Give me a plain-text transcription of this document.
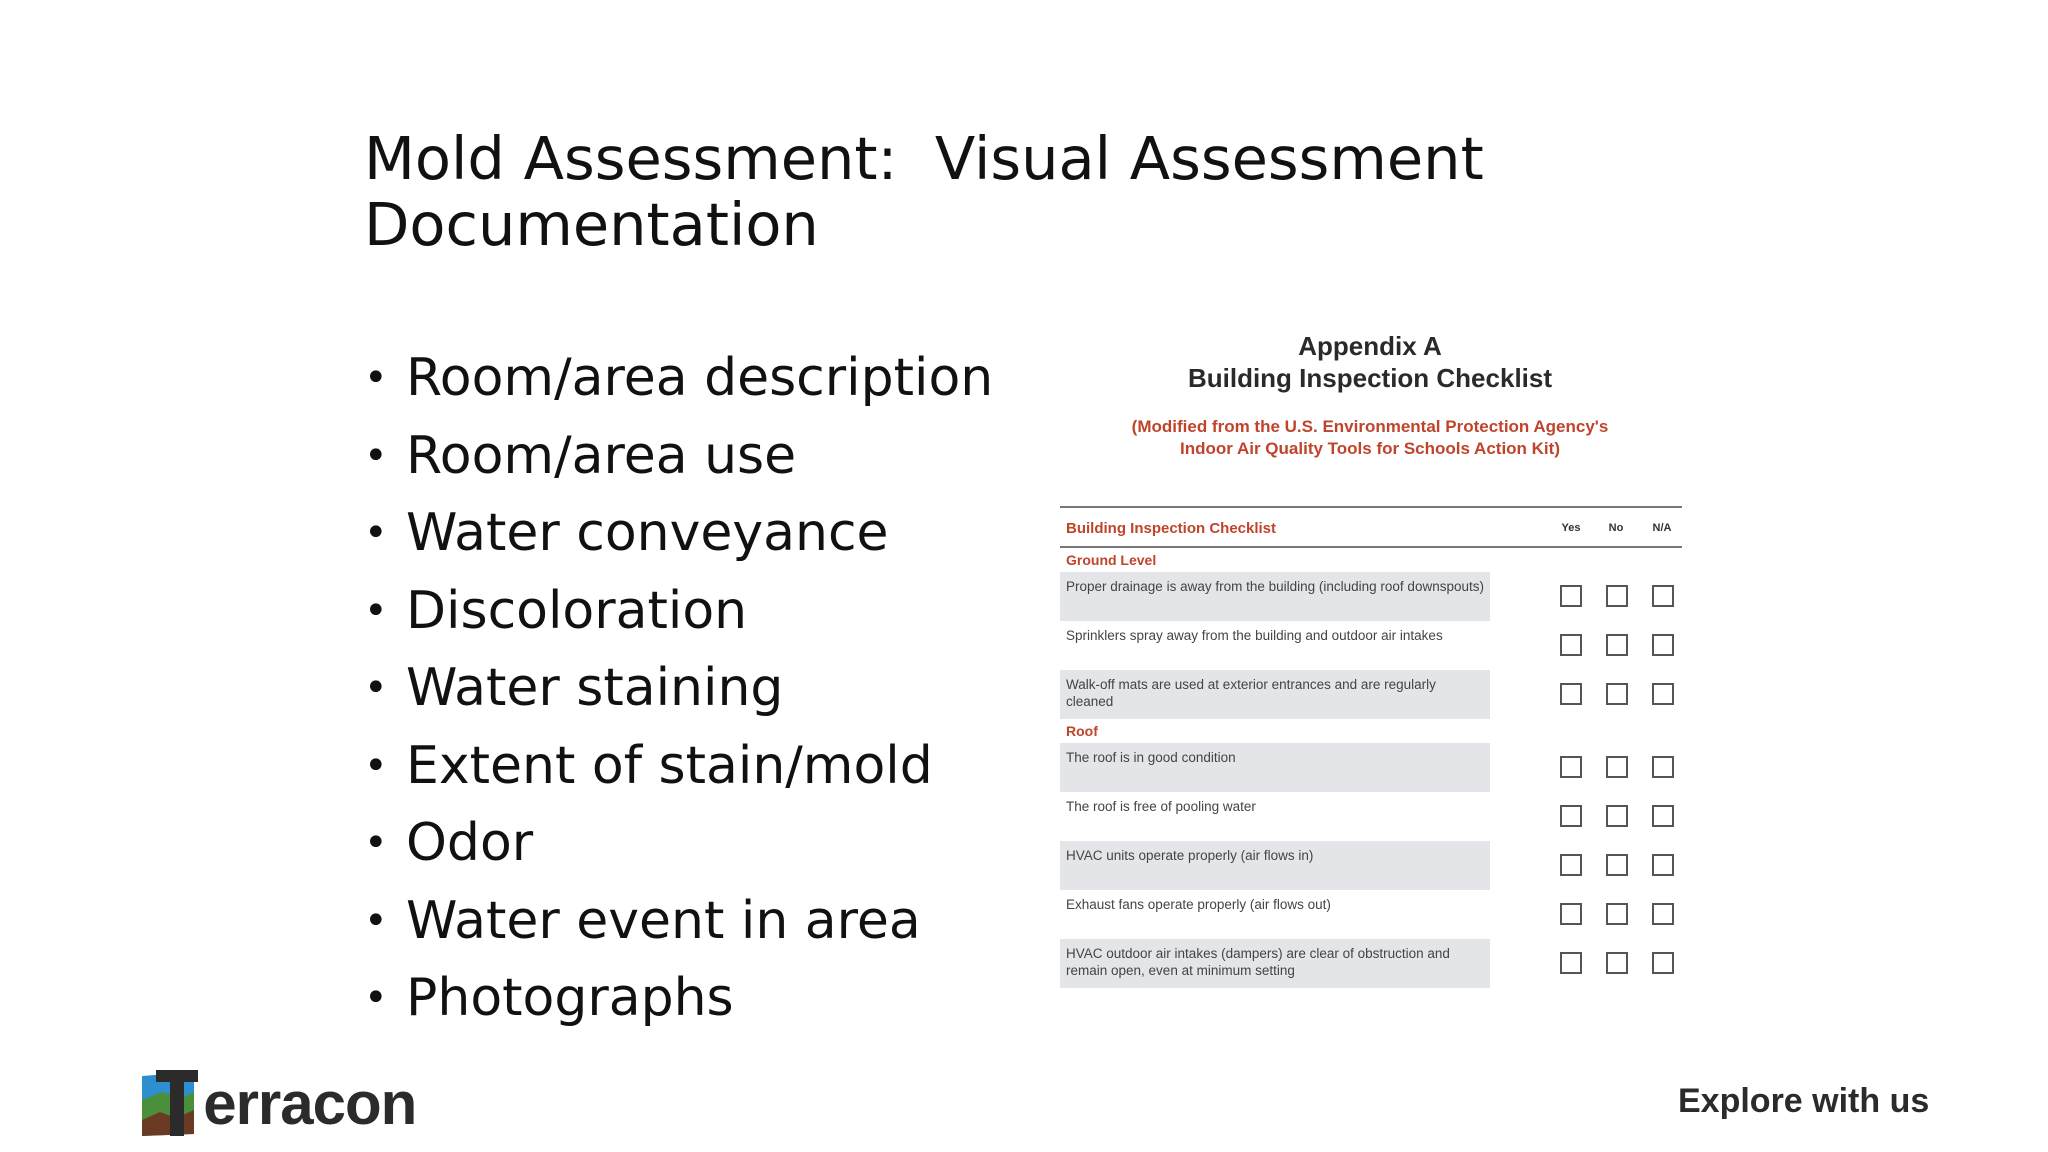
Mold Assessment:  Visual Assessment
Documentation
• Room/area description
• Room/area use
• Water conveyance
• Discoloration
• Water staining
• Extent of stain/mold
• Odor
• Water event in area
• Photographs
Appendix A
Building Inspection Checklist
(Modified from the U.S. Environmental Protection Agency's
Indoor Air Quality Tools for Schools Action Kit)
Building Inspection Checklist	Yes	No	N/A
Ground Level
Proper drainage is away from the building (including roof downspouts)
Sprinklers spray away from the building and outdoor air intakes
Walk-off mats are used at exterior entrances and are regularly cleaned
Roof
The roof is in good condition
The roof is free of pooling water
HVAC units operate properly (air flows in)
Exhaust fans operate properly (air flows out)
HVAC outdoor air intakes (dampers) are clear of obstruction and remain open, even at minimum setting
erracon	Explore with us
